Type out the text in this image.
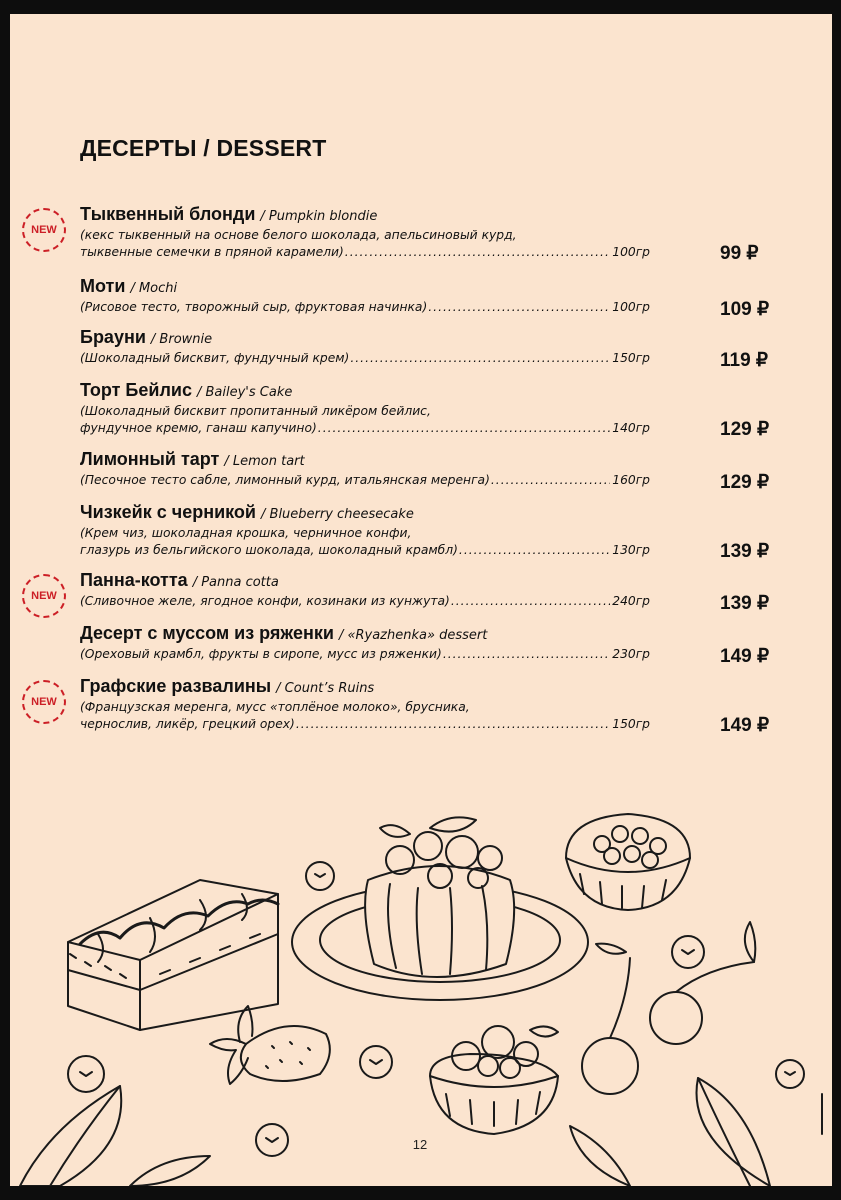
ДЕСЕРТЫ / DESSERT
Тыквенный блонди / Pumpkin blondie
(кекс тыквенный на основе белого шоколада, апельсиновый курд,
тыквенные семечки в пряной карамели) .....	100гр	99 ₽
NEW
Моти / Mochi
(Рисовое тесто, творожный сыр, фруктовая начинка) .....	100гр	109 ₽
Брауни / Brownie
(Шоколадный бисквит, фундучный крем) .....	150гр	119 ₽
Торт Бейлис / Bailey's Cake
(Шоколадный бисквит пропитанный ликёром бейлис,
фундучное кремю, ганаш капучино) .....	140гр	129 ₽
Лимонный тарт / Lemon tart
(Песочное тесто сабле, лимонный курд, итальянская меренга) .....	160гр	129 ₽
Чизкейк с черникой / Blueberry cheesecake
(Крем чиз, шоколадная крошка, черничное конфи,
глазурь из бельгийского шоколада, шоколадный крамбл) .....	130гр	139 ₽
Панна-котта / Panna cotta
(Сливочное желе, ягодное конфи, козинаки из кунжута) .....	240гр	139 ₽
NEW
Десерт с муссом из ряженки / «Ryazhenka» dessert
(Ореховый крамбл, фрукты в сиропе, мусс из ряженки) .....	230гр	149 ₽
Графские развалины / Count’s Ruins
(Французская меренга, мусс «топлёное молоко», брусника,
чернослив, ликёр, грецкий орех) .....	150гр	149 ₽
NEW
12
